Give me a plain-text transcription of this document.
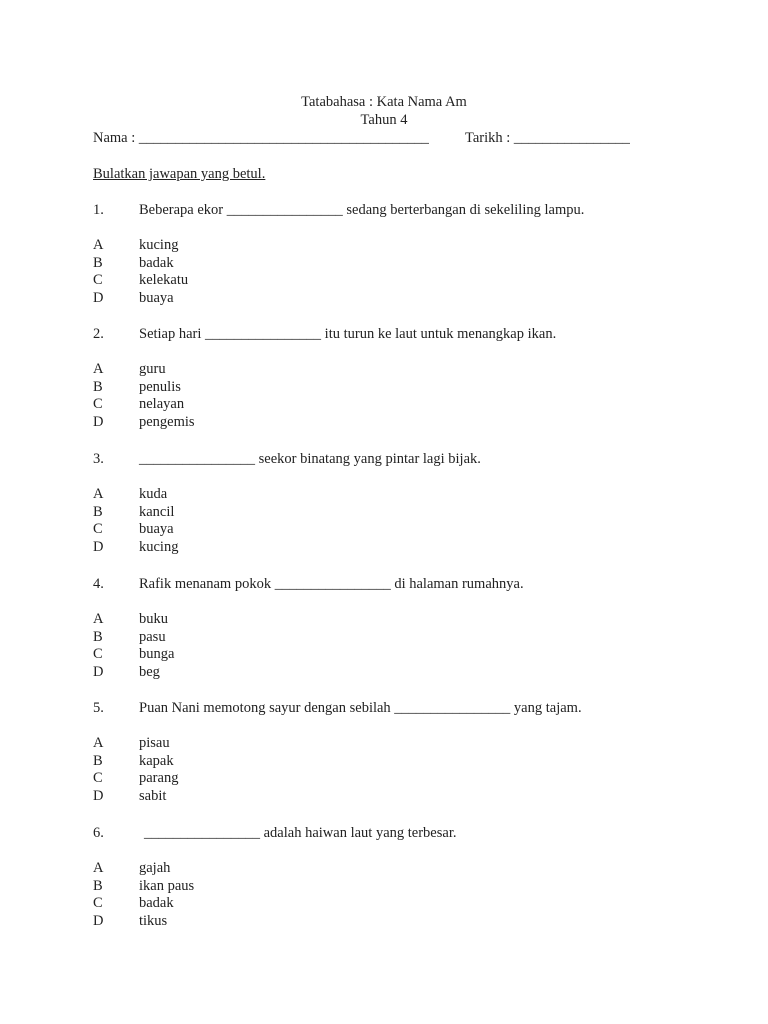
Tatabahasa : Kata Nama Am
Tahun 4
Nama : ________________________________________ Tarikh : ________________
Bulatkan jawapan yang betul.
1. Beberapa ekor ________________ sedang berterbangan di sekeliling lampu.
A kucing
B	badak
C	kelekatu
D buaya
2. Setiap hari ________________ itu turun ke laut untuk menangkap ikan.
A guru
B	penulis
C	nelayan
D pengemis
3. ________________ seekor binatang yang pintar lagi bijak.
A kuda
B	kancil
C	buaya
D kucing
4. Rafik menanam pokok ________________ di halaman rumahnya.
A buku
B	pasu
C	bunga
D beg
5. Puan Nani memotong sayur dengan sebilah ________________ yang tajam.
A pisau
B	kapak
C	parang
D sabit
6.	________________ adalah haiwan laut yang terbesar.
A gajah
B	ikan paus
C	badak
D tikus
